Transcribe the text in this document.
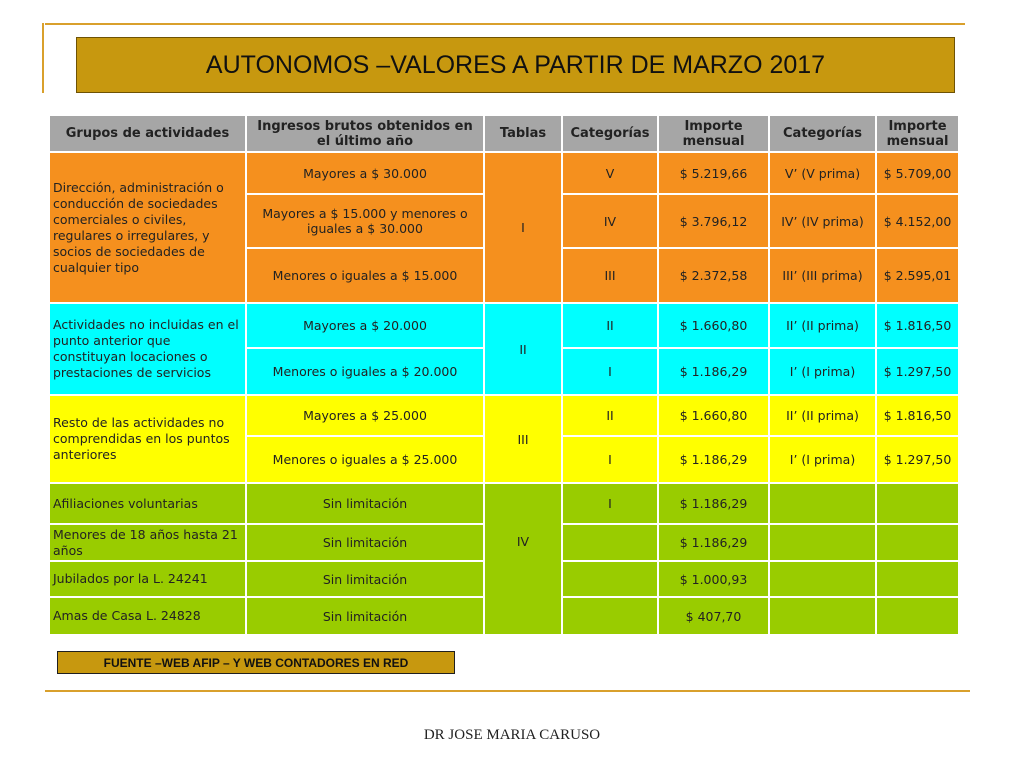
AUTONOMOS –VALORES A PARTIR DE MARZO 2017
Grupos de actividades	Ingresos brutos obtenidos en el último año	Tablas	Categorías	Importe mensual	Categorías	Importe mensual
Dirección, administración o conducción de sociedades comerciales o civiles, regulares o irregulares, y socios de sociedades de cualquier tipo	Mayores a $ 30.000	I	V	$ 5.219,66	V’ (V prima)	$ 5.709,00
	Mayores a $ 15.000 y menores o iguales a $ 30.000		IV	$ 3.796,12	IV’ (IV prima)	$ 4.152,00
	Menores o iguales a $ 15.000		III	$ 2.372,58	III’ (III prima)	$ 2.595,01
Actividades no incluidas en el punto anterior que constituyan locaciones o prestaciones de servicios	Mayores a $ 20.000	II	II	$ 1.660,80	II’ (II prima)	$ 1.816,50
	Menores o iguales a $ 20.000		I	$ 1.186,29	I’ (I prima)	$ 1.297,50
Resto de las actividades no comprendidas en los puntos anteriores	Mayores a $ 25.000	III	II	$ 1.660,80	II’ (II prima)	$ 1.816,50
	Menores o iguales a $ 25.000		I	$ 1.186,29	I’ (I prima)	$ 1.297,50
Afiliaciones voluntarias	Sin limitación	IV	I	$ 1.186,29		
Menores de 18 años hasta 21 años	Sin limitación			$ 1.186,29		
Jubilados por la L. 24241	Sin limitación			$ 1.000,93		
Amas de Casa L. 24828	Sin limitación			$ 407,70		
FUENTE –WEB AFIP – Y WEB CONTADORES EN RED
DR JOSE MARIA CARUSO
